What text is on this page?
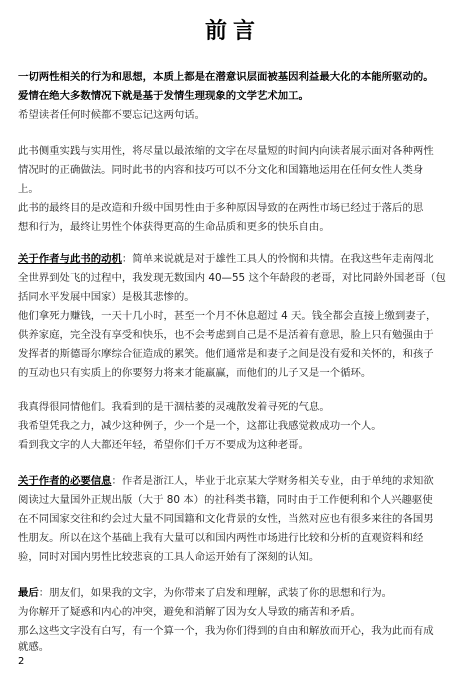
前言
一切两性相关的行为和思想，本质上都是在潜意识层面被基因利益最大化的本能所驱动的。
爱情在绝大多数情况下就是基于发情生理现象的文学艺术加工。
希望读者任何时候都不要忘记这两句话。
此书侧重实践与实用性，将尽量以最浓缩的文字在尽量短的时间内向读者展示面对各种两性
情况时的正确做法。同时此书的内容和技巧可以不分文化和国籍地运用在任何女性人类身
上。
此书的最终目的是改造和升级中国男性由于多种原因导致的在两性市场已经过于落后的思
想和行为，最终让男性个体获得更高的生命品质和更多的快乐自由。
关于作者与此书的动机：简单来说就是对于雄性工具人的怜悯和共情。在我这些年走南闯北
全世界到处飞的过程中，我发现无数国内 40—55 这个年龄段的老哥，对比同龄外国老哥（包
括同水平发展中国家）是极其悲惨的。
他们拿死力赚钱，一天十几小时，甚至一个月不休息超过 4 天。钱全都会直接上缴到妻子，
供养家庭，完全没有享受和快乐，也不会考虑到自己是不是活着有意思，脸上只有勉强由于
发挥者的斯德哥尔摩综合征造成的累笑。他们通常是和妻子之间是没有爱和关怀的，和孩子
的互动也只有实质上的你要努力将来才能羸赢，而他们的儿子又是一个循环。
我真得很同情他们。我看到的是干涸枯萎的灵魂散发着寻死的气息。
我希望凭我之力，减少这种例子，少一个是一个，这都让我感觉救成功一个人。
看到我文字的人大都还年轻，希望你们千万不要成为这种老哥。
关于作者的必要信息：作者是浙江人，毕业于北京某大学财务相关专业，由于单纯的求知欲
阅读过大量国外正规出版（大于 80 本）的社科类书籍，同时由于工作便利和个人兴趣驱使
在不同国家交往和约会过大量不同国籍和文化背景的女性，当然对应也有很多来往的各国男
性朋友。所以在这个基础上我有大量可以和国内两性市场进行比较和分析的直观资料和经
验，同时对国内男性比较悲哀的工具人命运开始有了深刻的认知。
最后：朋友们，如果我的文字，为你带来了启发和理解，武装了你的思想和行为。
为你解开了疑惑和内心的冲突，避免和消解了因为女人导致的痛苦和矛盾。
那么这些文字没有白写，有一个算一个，我为你们得到的自由和解放而开心，我为此而有成
就感。
2
